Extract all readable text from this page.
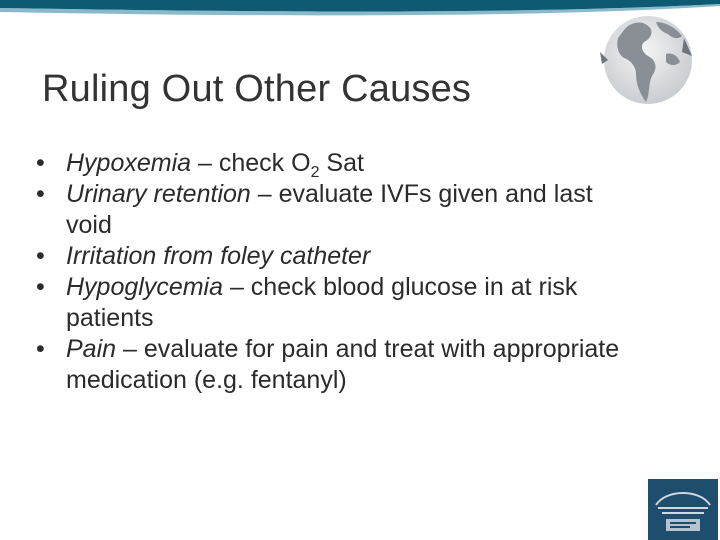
Ruling Out Other Causes
• Hypoxemia – check $O_2$ Sat
• Urinary retention – evaluate IVFs given and last void
• Irritation from foley catheter
• Hypoglycemia – check blood glucose in at risk patients
• Pain – evaluate for pain and treat with appropriate medication (e.g. fentanyl)
